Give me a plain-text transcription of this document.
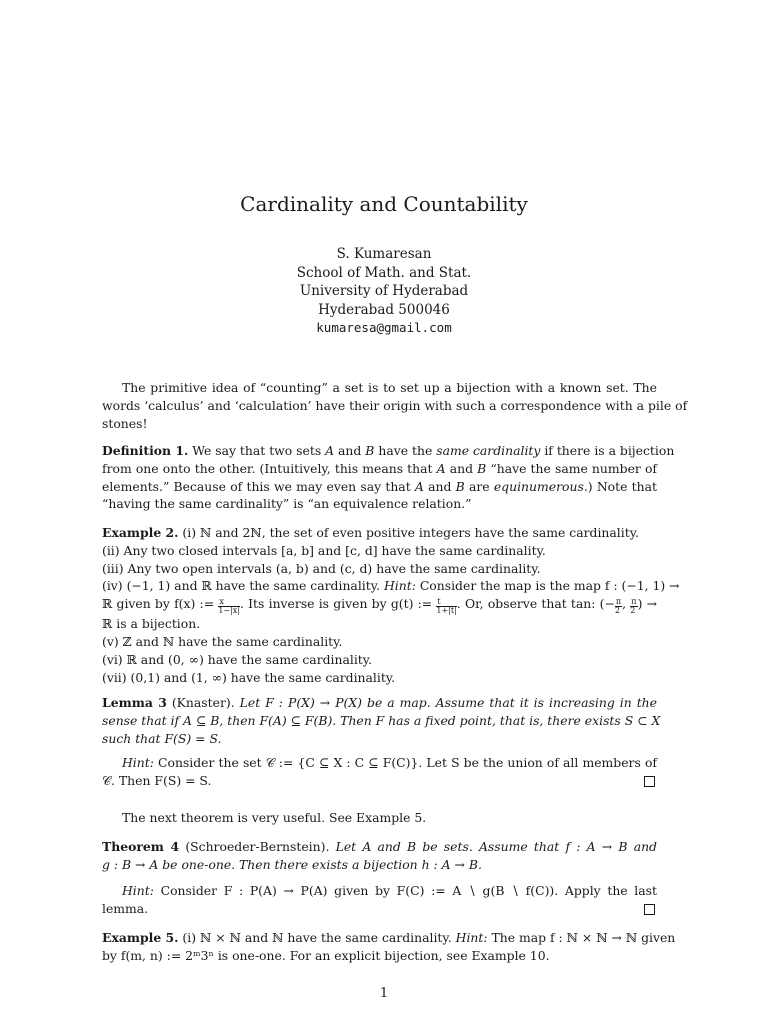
Cardinality and Countability
S. Kumaresan
School of Math. and Stat.
University of Hyderabad
Hyderabad 500046
kumaresa@gmail.com
The primitive idea of “counting” a set is to set up a bijection with a known set. The
words ‘calculus’ and ‘calculation’ have their origin with such a correspondence with a pile of
stones!
Definition 1. We say that two sets A and B have the same cardinality if there is a bijection
from one onto the other. (Intuitively, this means that A and B “have the same number of
elements.” Because of this we may even say that A and B are equinumerous.) Note that
“having the same cardinality” is “an equivalence relation.”
Example 2. (i) ℕ and 2ℕ, the set of even positive integers have the same cardinality.
(ii) Any two closed intervals [a, b] and [c, d] have the same cardinality.
(iii) Any two open intervals (a, b) and (c, d) have the same cardinality.
(iv) (−1, 1) and ℝ have the same cardinality. Hint: Consider the map is the map f : (−1, 1) →
ℝ given by f(x) := $\frac{x}{1-|x|}$ . Its inverse is given by g(t) := $\frac{t}{1+|t|}$ . Or, observe that tan: (− $\frac{\pi}{2}$ , $\frac{\pi}{2}$ ) →
ℝ is a bijection.
(v) ℤ and ℕ have the same cardinality.
(vi) ℝ and (0, ∞) have the same cardinality.
(vii) (0,1) and (1, ∞) have the same cardinality.
Lemma 3 (Knaster). Let F : P(X) → P(X) be a map. Assume that it is increasing in the
sense that if A ⊆ B, then F(A) ⊆ F(B). Then F has a fixed point, that is, there exists S ⊂ X
such that F(S) = S.
Hint: Consider the set 𝒞 := {C ⊆ X : C ⊆ F(C)}. Let S be the union of all members of
𝒞. Then F(S) = S.
The next theorem is very useful. See Example 5.
Theorem 4 (Schroeder-Bernstein). Let A and B be sets. Assume that f : A → B and
g : B → A be one-one. Then there exists a bijection h : A → B.
Hint: Consider F : P(A) → P(A) given by F(C) := A ∖ g(B ∖ f(C)). Apply the last
lemma.
Example 5. (i) ℕ × ℕ and ℕ have the same cardinality. Hint: The map f : ℕ × ℕ → ℕ given
by f(m, n) := 2ᵐ3ⁿ is one-one. For an explicit bijection, see Example 10.
1
